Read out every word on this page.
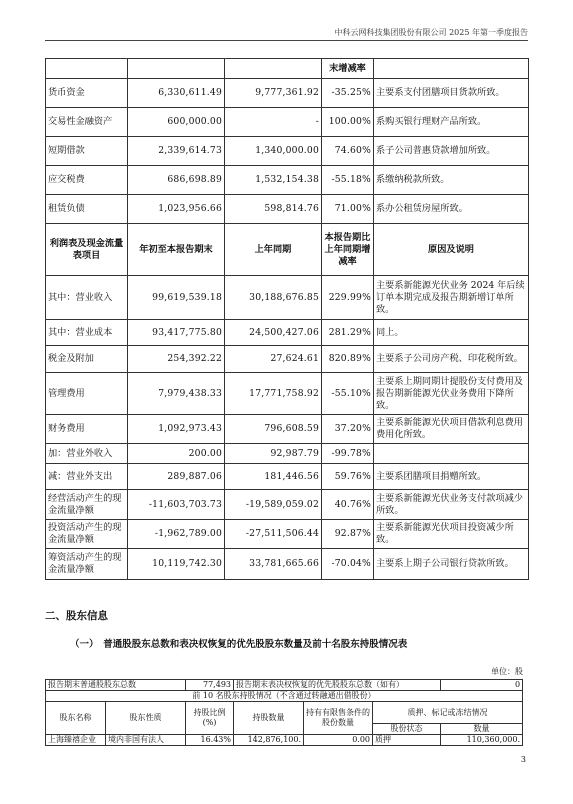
中科云网科技集团股份有限公司 2025 年第一季度报告
			末增减率	
货币资金	6,330,611.49	9,777,361.92	-35.25%	主要系支付团膳项目货款所致。
交易性金融资产	600,000.00	-	100.00%	系购买银行理财产品所致。
短期借款	2,339,614.73	1,340,000.00	74.60%	系子公司普惠贷款增加所致。
应交税费	686,698.89	1,532,154.38	-55.18%	系缴纳税款所致。
租赁负债	1,023,956.66	598,814.76	71.00%	系办公租赁房屋所致。
利润表及现金流量表项目	年初至本报告期末	上年同期	本报告期比上年同期增减率	原因及说明
其中：营业收入	99,619,539.18	30,188,676.85	229.99%	主要系新能源光伏业务 2024 年后续订单本期完成及报告期新增订单所致。
其中：营业成本	93,417,775.80	24,500,427.06	281.29%	同上。
税金及附加	254,392.22	27,624.61	820.89%	主要系子公司房产税、印花税所致。
管理费用	7,979,438.33	17,771,758.92	-55.10%	主要系上期同期计提股份支付费用及报告期新能源光伏业务费用下降所致。
财务费用	1,092,973.43	796,608.59	37.20%	主要系新能源光伏项目借款利息费用费用化所致。
加：营业外收入	200.00	92,987.79	-99.78%	
减：营业外支出	289,887.06	181,446.56	59.76%	主要系团膳项目捐赠所致。
经营活动产生的现金流量净额	-11,603,703.73	-19,589,059.02	40.76%	主要系新能源光伏业务支付款项减少所致。
投资活动产生的现金流量净额	-1,962,789.00	-27,511,506.44	92.87%	主要系新能源光伏项目投资减少所致。
筹资活动产生的现金流量净额	10,119,742.30	33,781,665.66	-70.04%	主要系上期子公司银行贷款所致。
二、股东信息
（一）　普通股股东总数和表决权恢复的优先股股东数量及前十名股东持股情况表
单位：股
报告期末普通股股东总数		77,493	报告期末表决权恢复的优先股股东总数（如有）			0
前 10 名股东持股情况（不含通过转融通出借股份）						
股东名称	股东性质	持股比例(%)	持股数量	持有有限售条件的股份数量	质押、标记或冻结情况	
					股份状态	数量
上海臻禧企业	境内非国有法人	16.43%	142,876,100.	0.00	质押	110,360,000.
3
